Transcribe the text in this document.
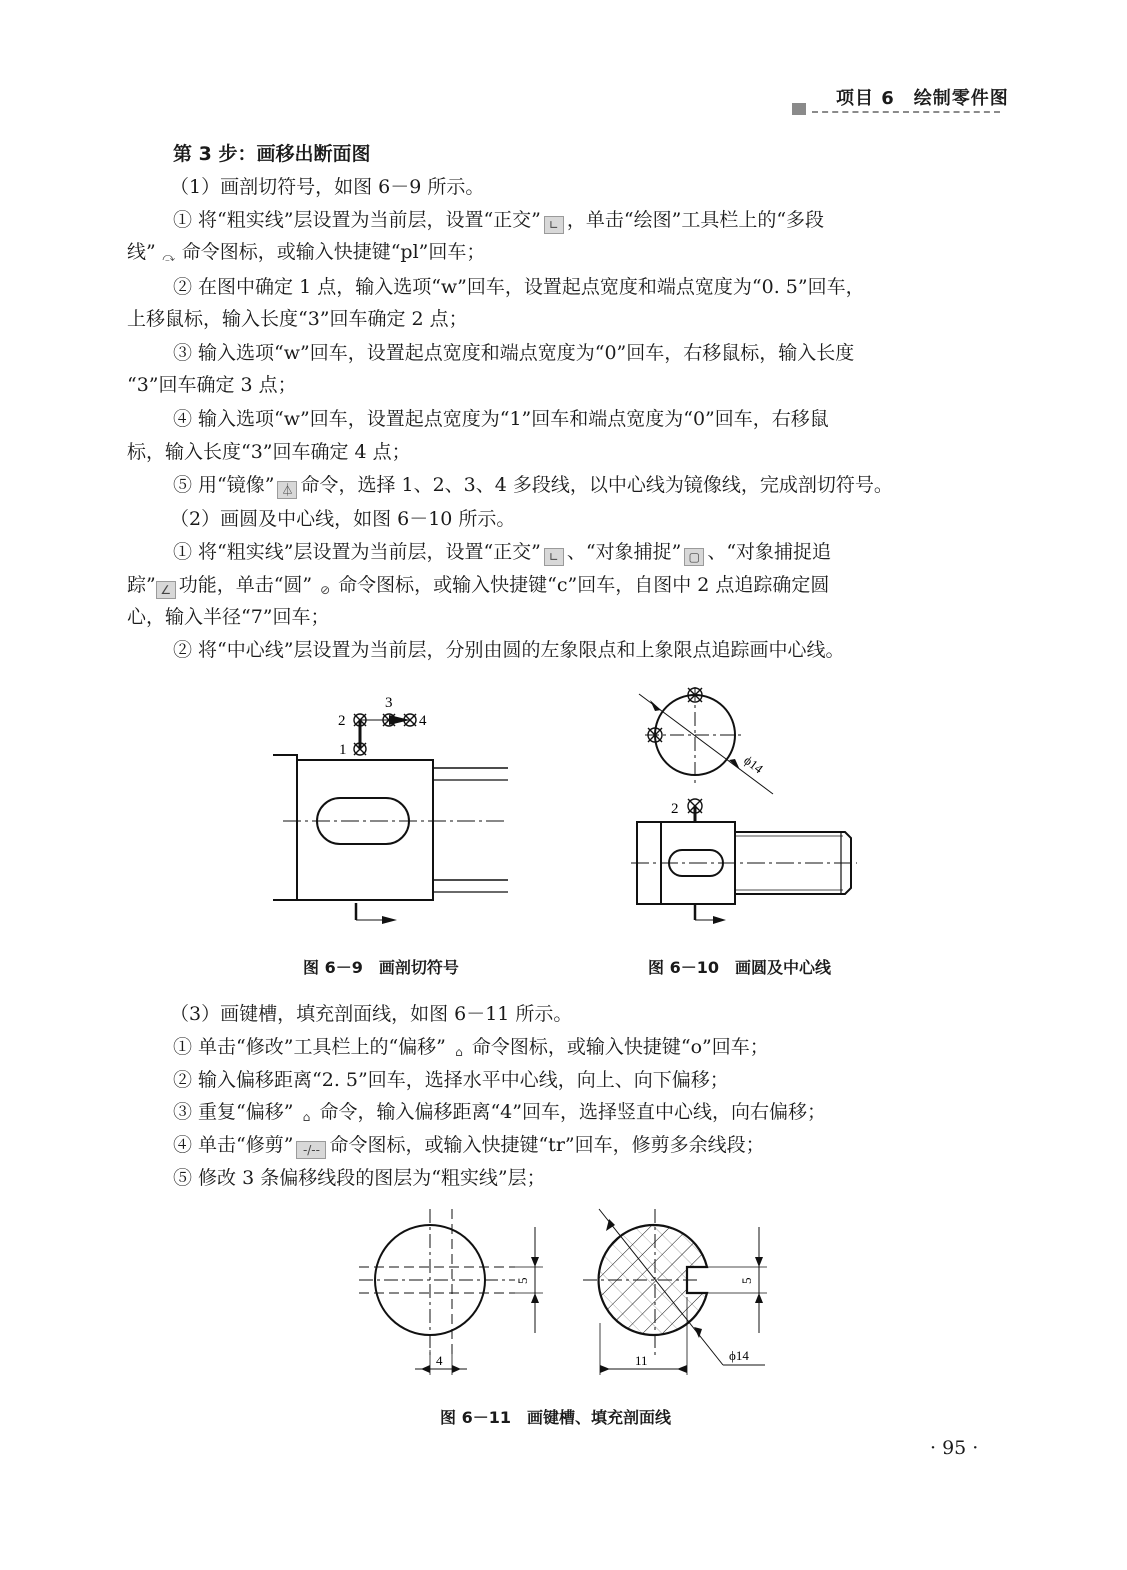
项目 6　绘制零件图
第 3 步：画移出断面图
（1）画剖切符号，如图 6－9 所示。
① 将“粗实线”层设置为当前层，设置“正交” ∟ ，单击“绘图”工具栏上的“多段
线” ⤼ 命令图标，或输入快捷键“pl”回车；
② 在图中确定 1 点，输入选项“w”回车，设置起点宽度和端点宽度为“0. 5”回车，
上移鼠标，输入长度“3”回车确定 2 点；
③ 输入选项“w”回车，设置起点宽度和端点宽度为“0”回车，右移鼠标，输入长度
“3”回车确定 3 点；
④ 输入选项“w”回车，设置起点宽度为“1”回车和端点宽度为“0”回车，右移鼠
标，输入长度“3”回车确定 4 点；
⑤ 用“镜像” ⏃ 命令，选择 1、2、3、4 多段线，以中心线为镜像线，完成剖切符号。
（2）画圆及中心线，如图 6－10 所示。
① 将“粗实线”层设置为当前层，设置“正交” ∟ 、“对象捕捉” ▢ 、“对象捕捉追
踪” ∠ 功能，单击“圆” ⊘ 命令图标，或输入快捷键“c”回车，自图中 2 点追踪确定圆
心，输入半径“7”回车；
② 将“中心线”层设置为当前层，分别由圆的左象限点和上象限点追踪画中心线。
1
2
3
4
图 6－9　画剖切符号
ϕ14
2
图 6－10　画圆及中心线
（3）画键槽，填充剖面线，如图 6－11 所示。
① 单击“修改”工具栏上的“偏移” ⌂ 命令图标，或输入快捷键“o”回车；
② 输入偏移距离“2. 5”回车，选择水平中心线，向上、向下偏移；
③ 重复“偏移” ⌂ 命令，输入偏移距离“4”回车，选择竖直中心线，向右偏移；
④ 单击“修剪” -/-- 命令图标，或输入快捷键“tr”回车，修剪多余线段；
⑤ 修改 3 条偏移线段的图层为“粗实线”层；
5
4
5
11	ϕ14
图 6－11　画键槽、填充剖面线
· 95 ·
